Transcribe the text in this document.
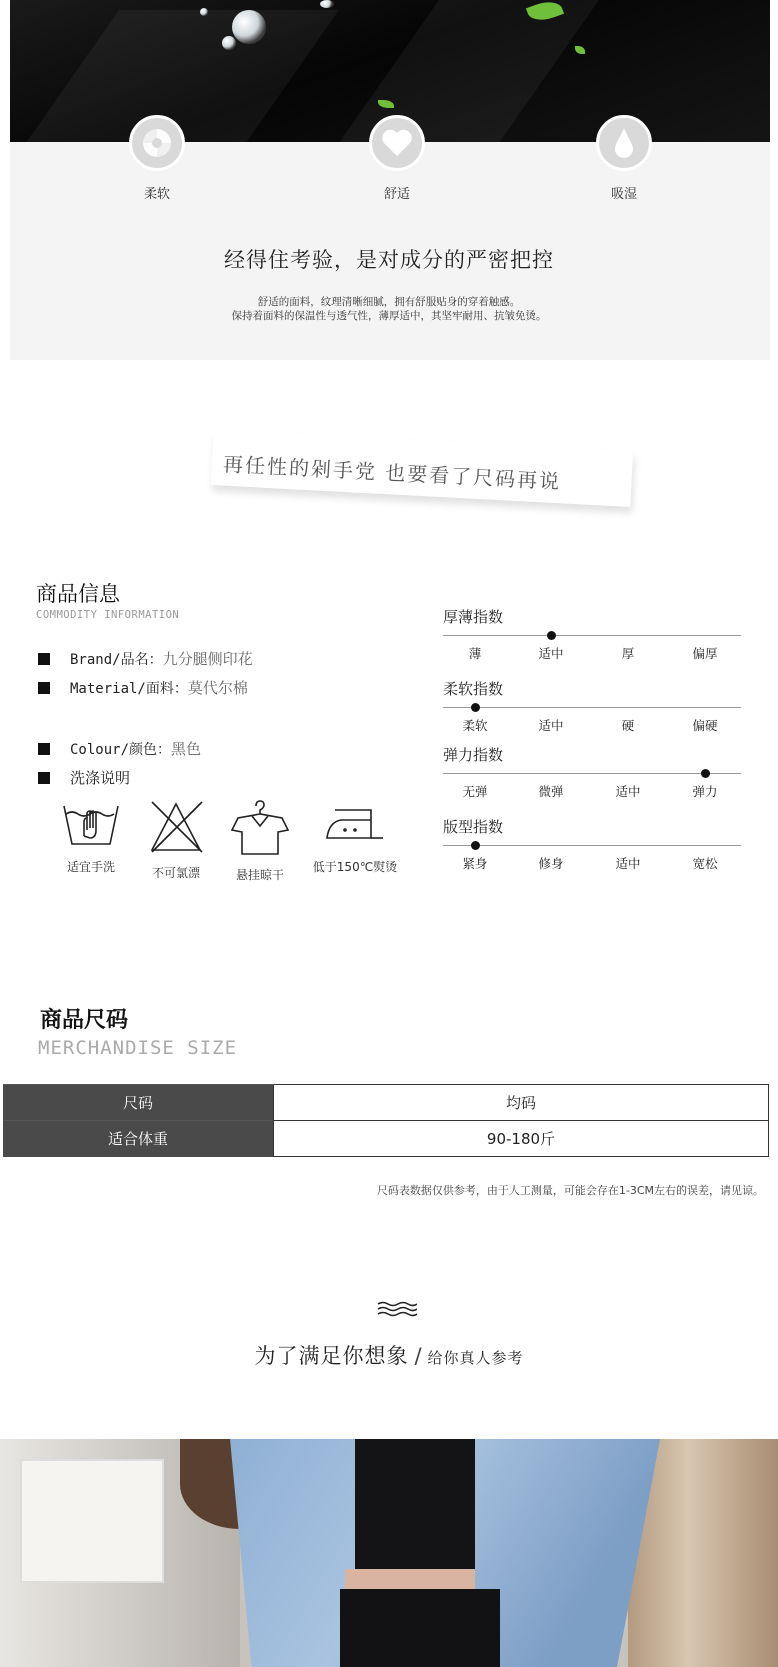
柔软	舒适	吸湿
经得住考验，是对成分的严密把控
舒适的面料，纹理清晰细腻，拥有舒服贴身的穿着触感。
保持着面料的保温性与透气性，薄厚适中，其坚牢耐用、抗皱免烫。
再任性的剁手党 也要看了尺码再说
商品信息
COMMODITY INFORMATION
Brand/品名：九分腿侧印花
Material/面料：莫代尔棉
Colour/颜色：黑色
洗涤说明
适宜手洗	不可氯漂	悬挂晾干
低于150℃熨烫
厚薄指数
薄	适中	厚	偏厚
柔软指数
柔软	适中	硬	偏硬
弹力指数
无弹	微弹	适中	弹力
版型指数
紧身	修身	适中	宽松
商品尺码
MERCHANDISE SIZE
尺码	均码
适合体重	90-180斤
尺码表数据仅供参考，由于人工测量，可能会存在1-3CM左右的误差，请见谅。
为了满足你想象 / 给你真人参考
